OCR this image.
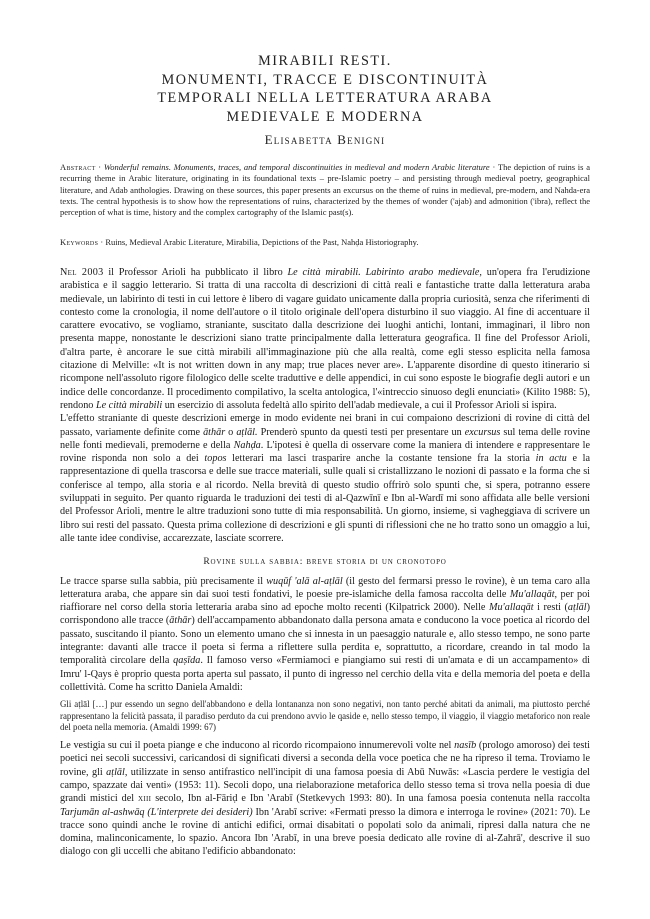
MIRABILI RESTI.
MONUMENTI, TRACCE E DISCONTINUITÀ
TEMPORALI NELLA LETTERATURA ARABA
MEDIEVALE E MODERNA
Elisabetta Benigni
Abstract · Wonderful remains. Monuments, traces, and temporal discontinuities in medieval and modern Arabic literature · The depiction of ruins is a recurring theme in Arabic literature, originating in its foundational texts – pre-Islamic poetry – and persisting through medieval poetry, geographical literature, and Adab anthologies. Drawing on these sources, this paper presents an excursus on the theme of ruins in medieval, pre-modern, and Nahda-era texts. The central hypothesis is to show how the representations of ruins, characterized by the themes of wonder ('ajab) and admonition ('ibra), reflect the perception of what is time, history and the complex cartography of the Islamic past(s).
Keywords · Ruins, Medieval Arabic Literature, Mirabilia, Depictions of the Past, Nahḍa Historiography.

Nel 2003 il Professor Arioli ha pubblicato il libro Le città mirabili. Labirinto arabo medievale, un'opera fra l'erudizione arabistica e il saggio letterario. Si tratta di una raccolta di descrizioni di città reali e fantastiche tratte dalla letteratura araba medievale, un labirinto di testi in cui lettore è libero di vagare guidato unicamente dalla propria curiosità, senza che riferimenti di contesto come la cronologia, il nome dell'autore o il titolo originale dell'opera disturbino il suo viaggio. Al fine di accentuare il carattere evocativo, se vogliamo, straniante, suscitato dalla descrizione dei luoghi antichi, lontani, immaginari, il libro non presenta mappe, nonostante le descrizioni siano tratte principalmente dalla letteratura geografica. Il fine del Professor Arioli, d'altra parte, è ancorare le sue città mirabili all'immaginazione più che alla realtà, come egli stesso esplicita nella famosa citazione di Melville: «It is not written down in any map; true places never are». L'apparente disordine di questo itinerario si ricompone nell'assoluto rigore filologico delle scelte traduttive e delle appendici, in cui sono esposte le biografie degli autori e un indice delle concordanze. Il procedimento compilativo, la scelta antologica, l'«intreccio sinuoso degli enunciati» (Kilito 1988: 5), rendono Le città mirabili un esercizio di assoluta fedeltà allo spirito dell'adab medievale, a cui il Professor Arioli si ispira.

L'effetto straniante di queste descrizioni emerge in modo evidente nei brani in cui compaiono descrizioni di rovine di città del passato, variamente definite come āthār o aṭlāl. Prenderò spunto da questi testi per presentare un excursus sul tema delle rovine nelle fonti medievali, premoderne e della Nahḍa. L'ipotesi è quella di osservare come la maniera di intendere e rappresentare le rovine risponda non solo a dei topos letterari ma lasci trasparire anche la costante tensione fra la storia in actu e la rappresentazione di quella trascorsa e delle sue tracce materiali, sulle quali si cristallizzano le nozioni di passato e la forma che si conferisce al tempo, alla storia e al ricordo. Nella brevità di questo studio offrirò solo spunti che, si spera, potranno essere sviluppati in seguito. Per quanto riguarda le traduzioni dei testi di al-Qazwīnī e Ibn al-Wardī mi sono affidata alle belle versioni del Professor Arioli, mentre le altre traduzioni sono tutte di mia responsabilità. Un giorno, insieme, si vagheggiava di scrivere un libro sui resti del passato. Questa prima collezione di descrizioni e gli spunti di riflessioni che ne ho tratto sono un omaggio a lui, alle tante idee condivise, accarezzate, lasciate scorrere.

Rovine sulla sabbia: breve storia di un cronotopo

Le tracce sparse sulla sabbia, più precisamente il wuqūf 'alā al-aṭlāl (il gesto del fermarsi presso le rovine), è un tema caro alla letteratura araba, che appare sin dai suoi testi fondativi, le poesie pre-islamiche della famosa raccolta delle Mu'allaqāt, per poi riaffiorare nel corso della storia letteraria araba sino ad epoche molto recenti (Kilpatrick 2000). Nelle Mu'allaqāt i resti (aṭlāl) corrispondono alle tracce (āthār) dell'accampamento abbandonato dalla persona amata e conducono la voce poetica al ricordo del passato, suscitando il pianto. Sono un elemento umano che si innesta in un paesaggio naturale e, allo stesso tempo, ne sono parte integrante: davanti alle tracce il poeta si ferma a riflettere sulla perdita e, soprattutto, a ricordare, creando in tal modo la temporalità circolare della qaṣīda. Il famoso verso «Fermiamoci e piangiamo sui resti di un'amata e di un accampamento» di Imru' l-Qays è proprio questa porta aperta sul passato, il punto di ingresso nel cerchio della vita e della memoria del poeta e della collettività. Come ha scritto Daniela Amaldi:

Gli aṭlāl […] pur essendo un segno dell'abbandono e della lontananza non sono negativi, non tanto perché abitati da animali, ma piuttosto perché rappresentano la felicità passata, il paradiso perduto da cui prendono avvio le qaside e, nello stesso tempo, il viaggio, il viaggio metaforico non reale del poeta nella memoria. (Amaldi 1999: 67)

Le vestigia su cui il poeta piange e che inducono al ricordo ricompaiono innumerevoli volte nel nasīb (prologo amoroso) dei testi poetici nei secoli successivi, caricandosi di significati diversi a seconda della voce poetica che ne ha ripreso il tema. Troviamo le rovine, gli aṭlāl, utilizzate in senso antifrastico nell'incipit di una famosa poesia di Abū Nuwās: «Lascia perdere le vestigia del campo, spazzate dai venti» (1953: 11). Secoli dopo, una rielaborazione metaforica dello stesso tema si trova nella poesia di due grandi mistici del xiii secolo, Ibn al-Fāriḍ e Ibn 'Arabī (Stetkevych 1993: 80). In una famosa poesia contenuta nella raccolta Tarjumān al-ashwāq (L'interprete dei desideri) Ibn 'Arabī scrive: «Fermati presso la dimora e interroga le rovine» (2021: 70). Le tracce sono quindi anche le rovine di antichi edifici, ormai disabitati o popolati solo da animali, ripresi dalla natura che ne domina, malinconicamente, lo spazio. Ancora Ibn 'Arabī, in una breve poesia dedicato alle rovine di al-Zahrā', descrive il suo dialogo con gli uccelli che abitano l'edificio abbandonato:
